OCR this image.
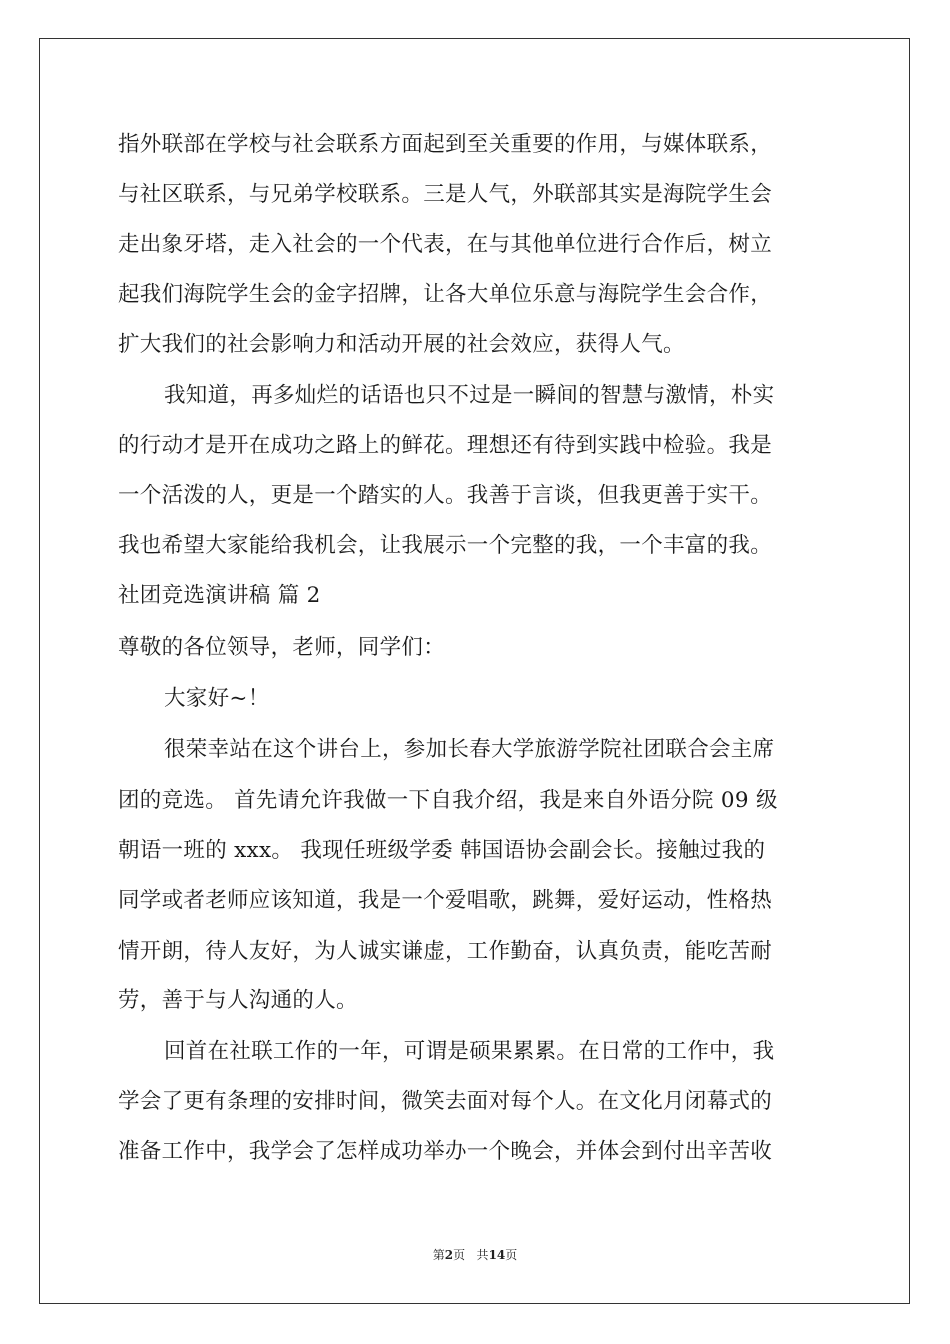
指外联部在学校与社会联系方面起到至关重要的作用，与媒体联系，
与社区联系，与兄弟学校联系。三是人气，外联部其实是海院学生会
走出象牙塔，走入社会的一个代表，在与其他单位进行合作后，树立
起我们海院学生会的金字招牌，让各大单位乐意与海院学生会合作，
扩大我们的社会影响力和活动开展的社会效应，获得人气。
我知道，再多灿烂的话语也只不过是一瞬间的智慧与激情，朴实
的行动才是开在成功之路上的鲜花。理想还有待到实践中检验。我是
一个活泼的人，更是一个踏实的人。我善于言谈，但我更善于实干。
我也希望大家能给我机会，让我展示一个完整的我，一个丰富的我。
社团竞选演讲稿 篇 2
尊敬的各位领导，老师，同学们：
大家好~！
很荣幸站在这个讲台上，参加长春大学旅游学院社团联合会主席
团的竞选。 首先请允许我做一下自我介绍，我是来自外语分院 09 级
朝语一班的 xxx。 我现任班级学委 韩国语协会副会长。接触过我的
同学或者老师应该知道，我是一个爱唱歌，跳舞，爱好运动，性格热
情开朗，待人友好，为人诚实谦虚，工作勤奋，认真负责，能吃苦耐
劳，善于与人沟通的人。
回首在社联工作的一年，可谓是硕果累累。在日常的工作中，我
学会了更有条理的安排时间，微笑去面对每个人。在文化月闭幕式的
准备工作中，我学会了怎样成功举办一个晚会，并体会到付出辛苦收
第2页 共14页
